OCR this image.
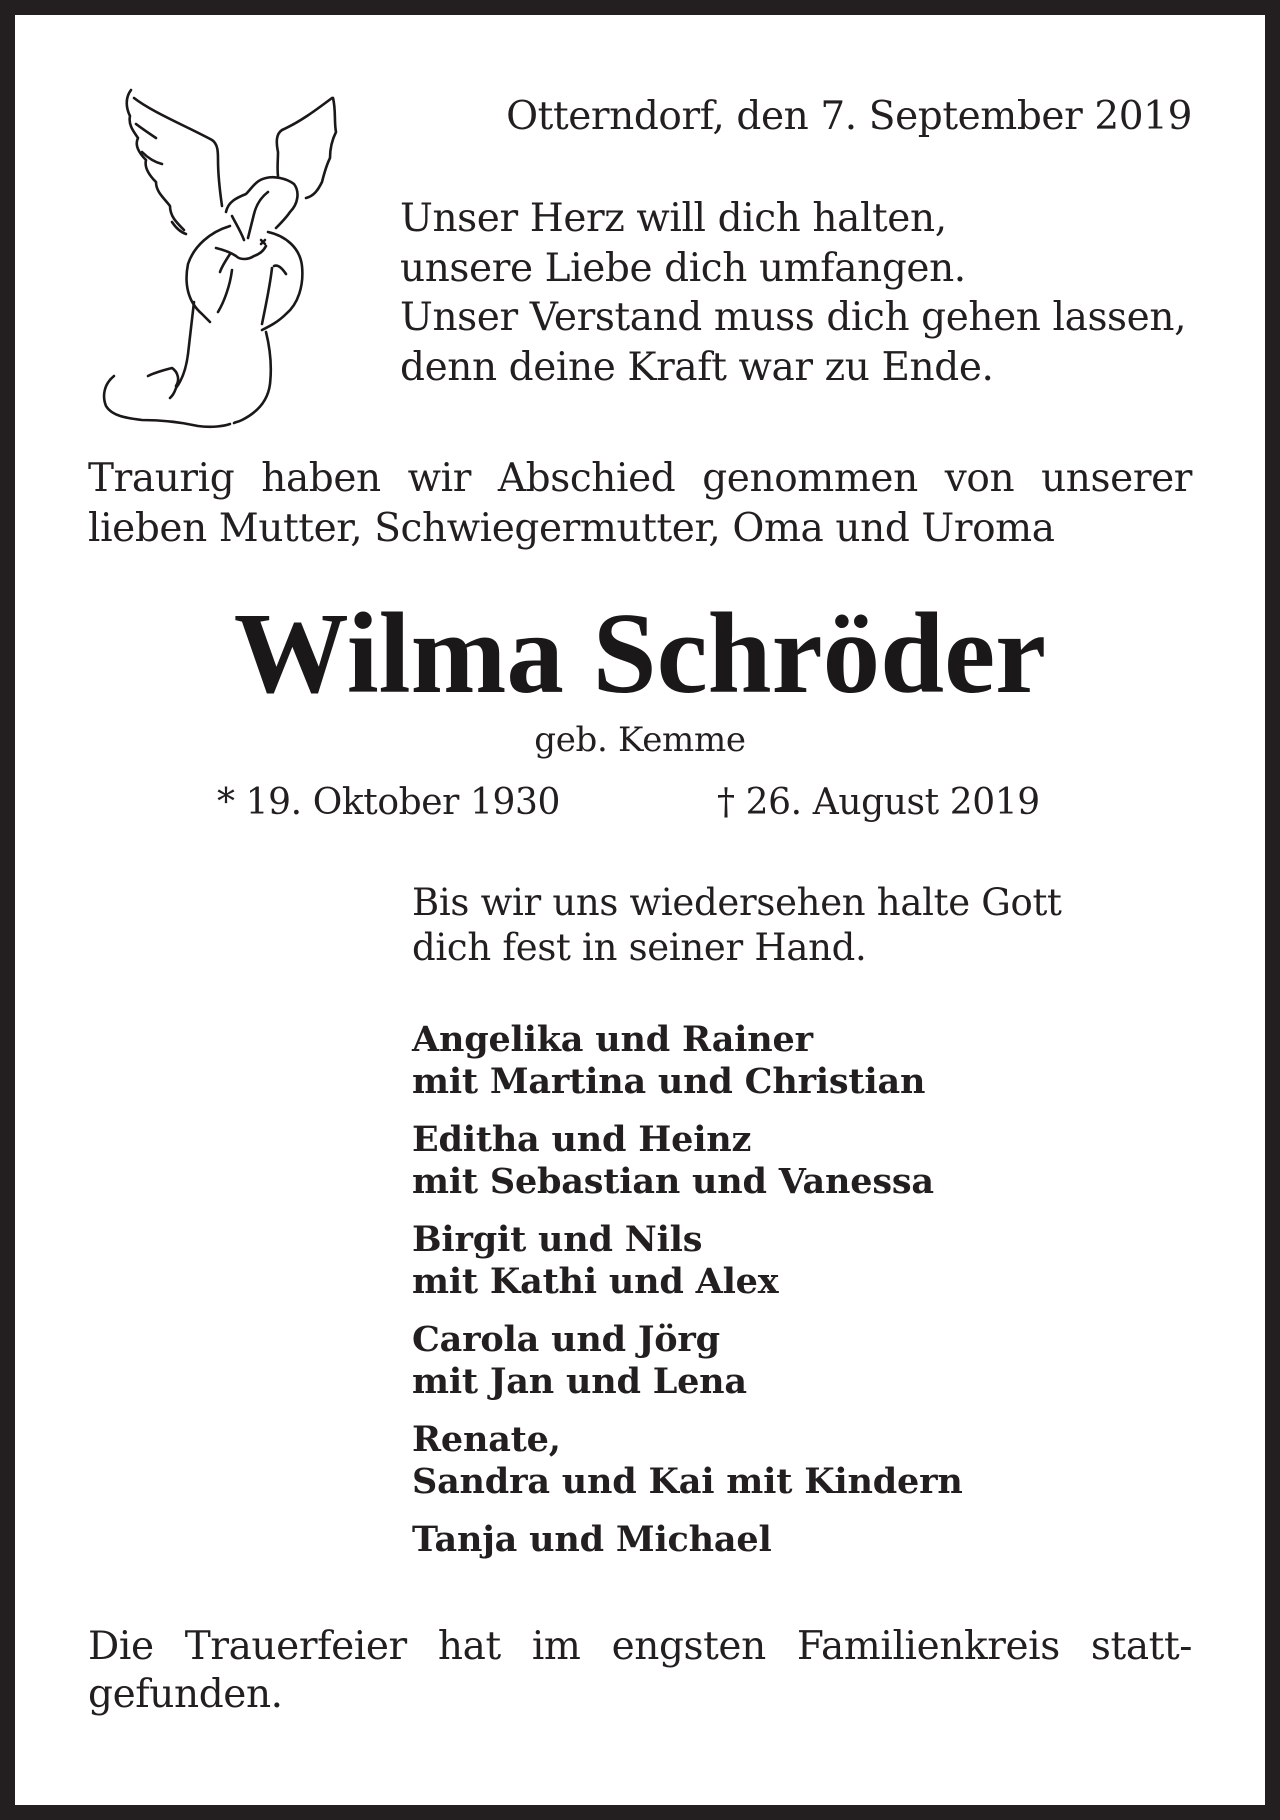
Otterndorf, den 7. September 2019
Unser Herz will dich halten,
unsere Liebe dich umfangen.
Unser Verstand muss dich gehen lassen,
denn deine Kraft war zu Ende.
Traurig haben wir Abschied genommen von unserer
lieben Mutter, Schwiegermutter, Oma und Uroma
Wilma Schröder
geb. Kemme
* 19. Oktober 1930	† 26. August 2019
Bis wir uns wiedersehen halte Gott
dich fest in seiner Hand.
Angelika und Rainer
mit Martina und Christian
Editha und Heinz
mit Sebastian und Vanessa
Birgit und Nils
mit Kathi und Alex
Carola und Jörg
mit Jan und Lena
Renate,
Sandra und Kai mit Kindern
Tanja und Michael
Die Trauerfeier hat im engsten Familienkreis statt-
gefunden.
